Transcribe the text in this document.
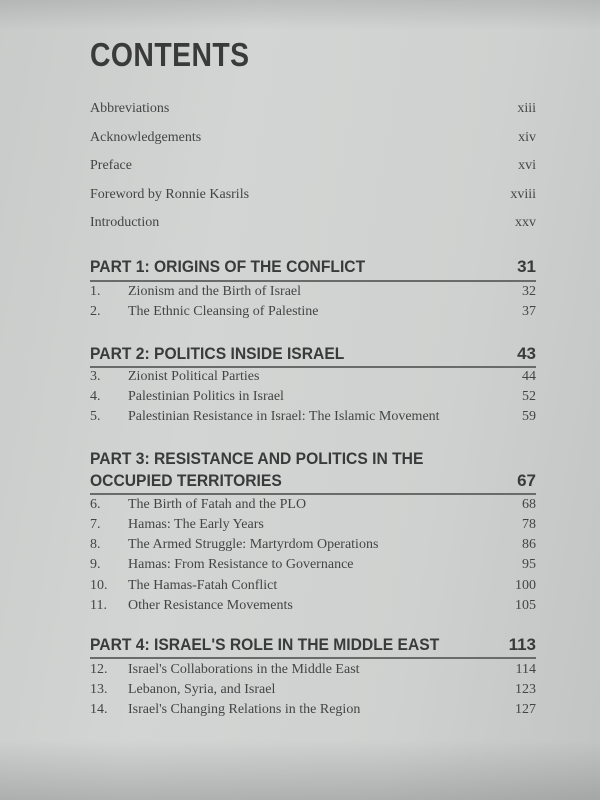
CONTENTS
Abbreviations	xiii
Acknowledgements	xiv
Preface	xvi
Foreword by Ronnie Kasrils	xviii
Introduction	xxv
PART 1: ORIGINS OF THE CONFLICT	31
1.	Zionism and the Birth of Israel	32
2.	The Ethnic Cleansing of Palestine	37
PART 2: POLITICS INSIDE ISRAEL	43
3.	Zionist Political Parties	44
4.	Palestinian Politics in Israel	52
5.	Palestinian Resistance in Israel: The Islamic Movement	59
PART 3: RESISTANCE AND POLITICS IN THE OCCUPIED TERRITORIES	67
6.	The Birth of Fatah and the PLO	68
7.	Hamas: The Early Years	78
8.	The Armed Struggle: Martyrdom Operations	86
9.	Hamas: From Resistance to Governance	95
10.	The Hamas-Fatah Conflict	100
11.	Other Resistance Movements	105
PART 4: ISRAEL'S ROLE IN THE MIDDLE EAST	113
12.	Israel's Collaborations in the Middle East	114
13.	Lebanon, Syria, and Israel	123
14.	Israel's Changing Relations in the Region	127
